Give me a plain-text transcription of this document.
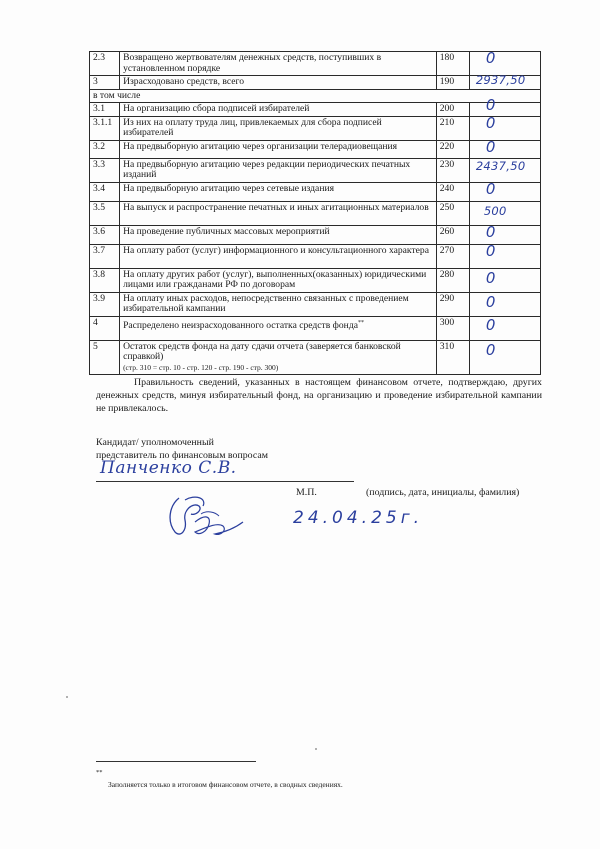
2.3	Возвращено жертвователям денежных средств, поступивших в установленном порядке	180	0

3	Израсходовано средств, всего	190	2937,50

в том числе			
3.1	На организацию сбора подписей избирателей	200	0

3.1.1	Из них на оплату труда лиц, привлекаемых для сбора подписей избирателей	210	0

3.2	На предвыборную агитацию через организации телерадиовещания	220	0

3.3	На предвыборную агитацию через редакции периодических печатных изданий	230	2437,50

3.4	На предвыборную агитацию через сетевые издания	240	0

3.5	На выпуск и распространение печатных и иных агитационных материалов	250	500

3.6	На проведение публичных массовых мероприятий	260	0

3.7	На оплату работ (услуг) информационного и консультационного характера	270	0

3.8	На оплату других работ (услуг), выполненных(оказанных) юридическими лицами или гражданами РФ по договорам	280	0

3.9	На оплату иных расходов, непосредственно связанных с проведением избирательной кампании	290	0

4	Распределено неизрасходованного остатка средств фонда**	300	0

5	Остаток средств фонда на дату сдачи отчета (заверяется банковской справкой)
(стр. 310 = стр. 10 - стр. 120 - стр. 190 - стр. 300)	310	0
Правильность сведений, указанных в настоящем финансовом отчете, подтверждаю, других денежных средств, минуя избирательный фонд, на организацию и проведение избирательной кампании не привлекалось.
Кандидат/ уполномоченный
представитель по финансовым вопросам
Панченко С.В.
М.П.	(подпись, дата, инициалы, фамилия)
24.04.25г.
**
Заполняется только в итоговом финансовом отчете, в сводных сведениях.
